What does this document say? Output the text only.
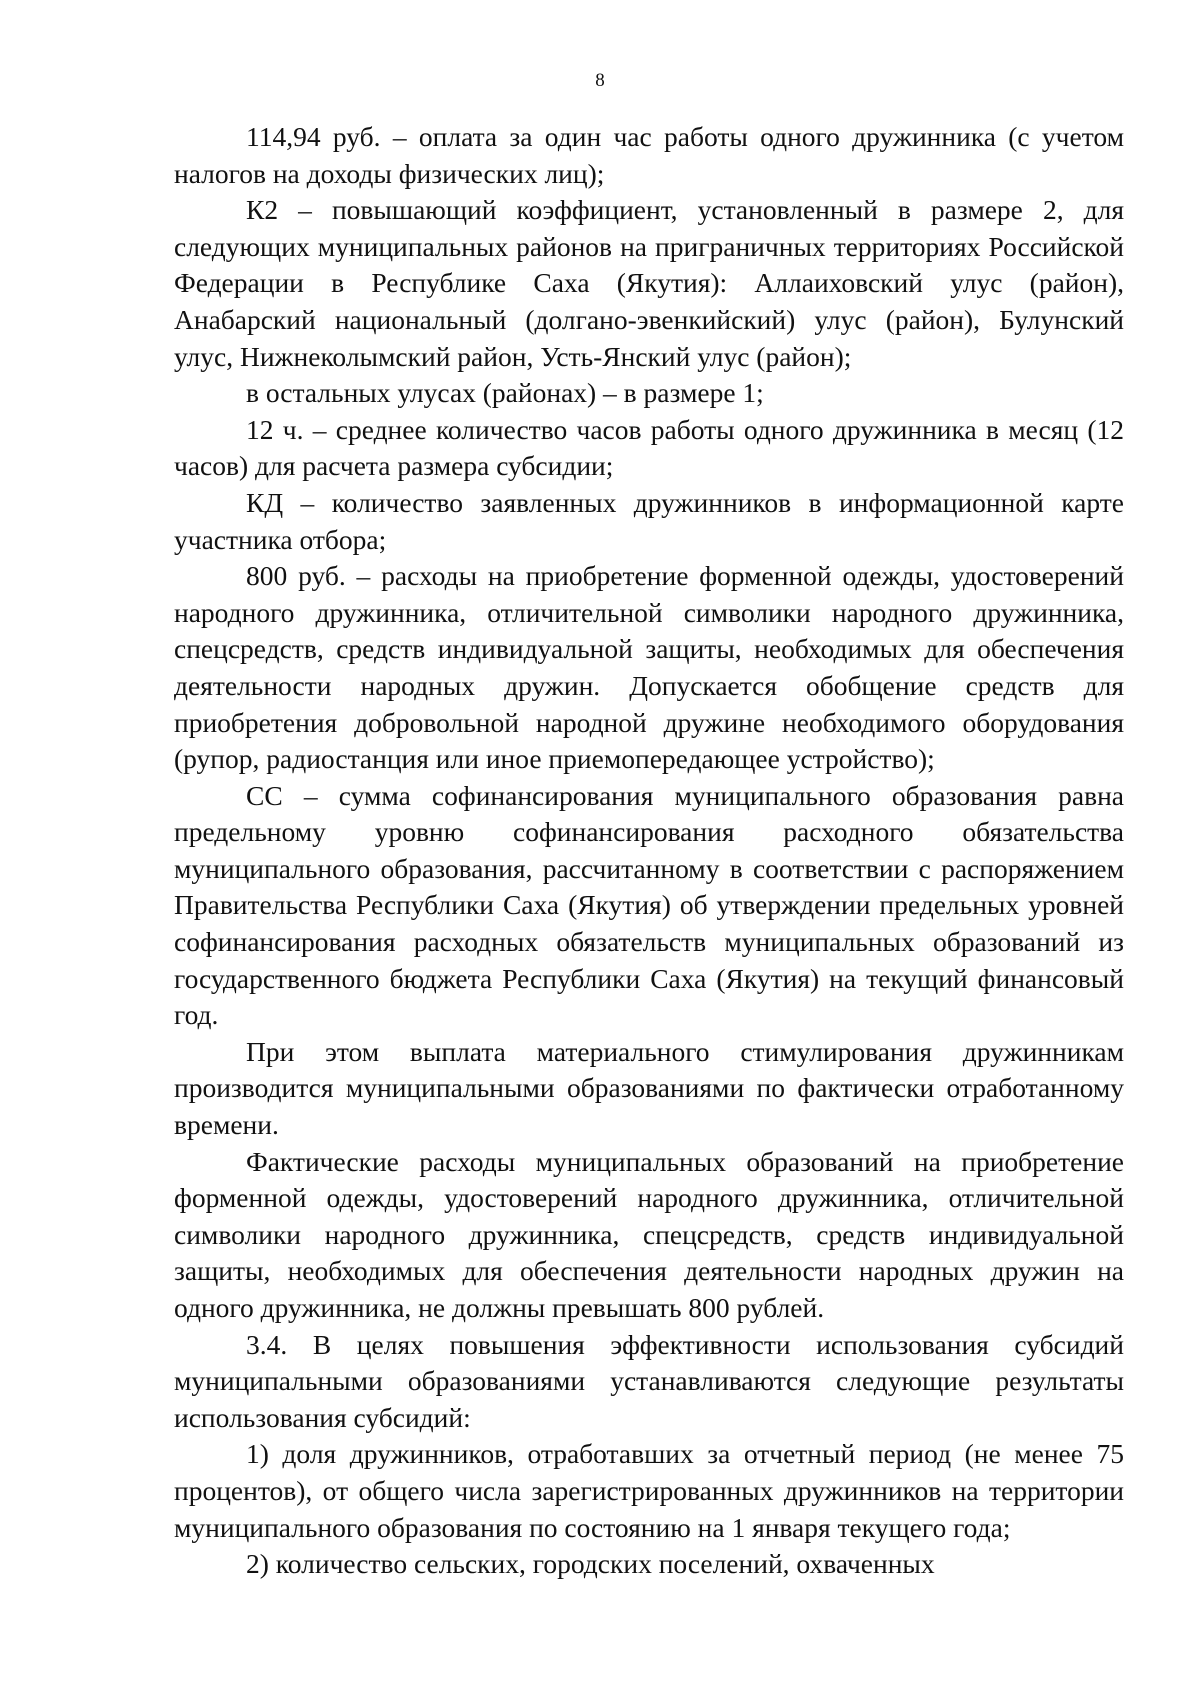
8

114,94 руб. – оплата за один час работы одного дружинника (с учетом налогов на доходы физических лиц);

К2 – повышающий коэффициент, установленный в размере 2, для следующих муниципальных районов на приграничных территориях Российской Федерации в Республике Саха (Якутия): Аллаиховский улус (район), Анабарский национальный (долгано-эвенкийский) улус (район), Булунский улус, Нижнеколымский район, Усть-Янский улус (район);

в остальных улусах (районах) – в размере 1;

12 ч. – среднее количество часов работы одного дружинника в месяц (12 часов) для расчета размера субсидии;

КД – количество заявленных дружинников в информационной карте участника отбора;

800 руб. – расходы на приобретение форменной одежды, удостоверений народного дружинника, отличительной символики народного дружинника, спецсредств, средств индивидуальной защиты, необходимых для обеспечения деятельности народных дружин. Допускается обобщение средств для приобретения добровольной народной дружине необходимого оборудования (рупор, радиостанция или иное приемопередающее устройство);

СС – сумма софинансирования муниципального образования равна предельному уровню софинансирования расходного обязательства муниципального образования, рассчитанному в соответствии с распоряжением Правительства Республики Саха (Якутия) об утверждении предельных уровней софинансирования расходных обязательств муниципальных образований из государственного бюджета Республики Саха (Якутия) на текущий финансовый год.

При этом выплата материального стимулирования дружинникам производится муниципальными образованиями по фактически отработанному времени.

Фактические расходы муниципальных образований на приобретение форменной одежды, удостоверений народного дружинника, отличительной символики народного дружинника, спецсредств, средств индивидуальной защиты, необходимых для обеспечения деятельности народных дружин на одного дружинника, не должны превышать 800 рублей.

3.4. В целях повышения эффективности использования субсидий муниципальными образованиями устанавливаются следующие результаты использования субсидий:

1) доля дружинников, отработавших за отчетный период (не менее 75 процентов), от общего числа зарегистрированных дружинников на территории муниципального образования по состоянию на 1 января текущего года;

2) количество сельских, городских поселений, охваченных
